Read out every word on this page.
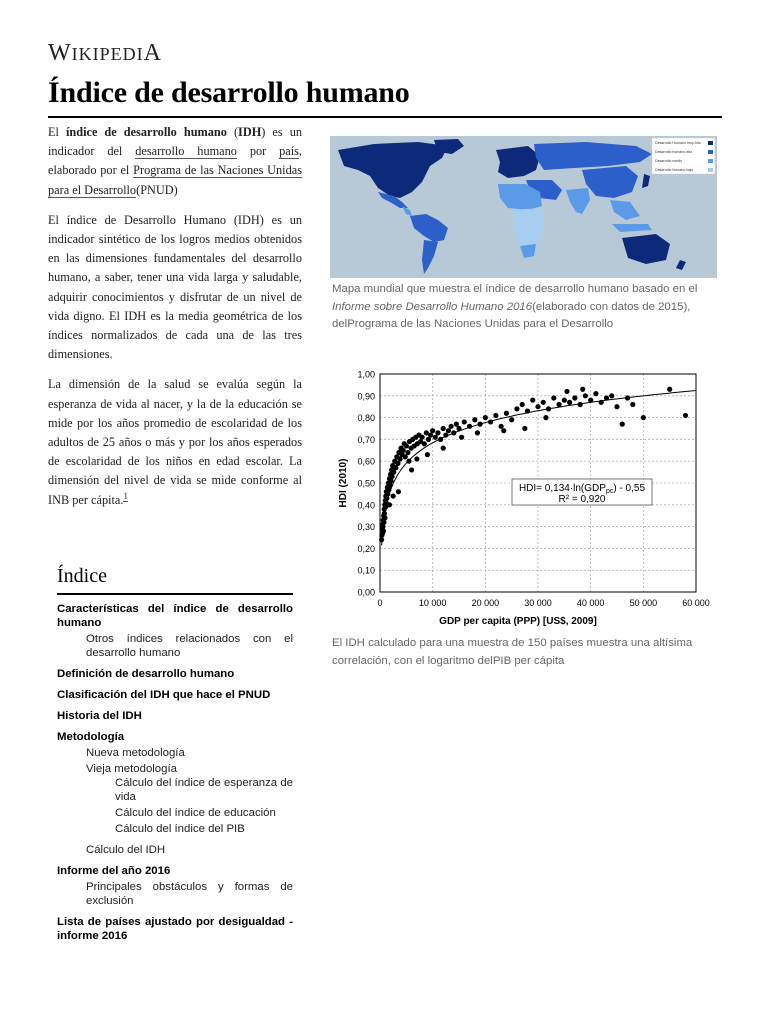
WIKIPEDIA
Índice de desarrollo humano

El índice de desarrollo humano (IDH) es un indicador del desarrollo humano por país, elaborado por el Programa de las Naciones Unidas para el Desarrollo(PNUD)

El índice de Desarrollo Humano (IDH) es un indicador sintético de los logros medios obtenidos en las dimensiones fundamentales del desarrollo humano, a saber, tener una vida larga y saludable, adquirir conocimientos y disfrutar de un nivel de vida digno. El IDH es la media geométrica de los índices normalizados de cada una de las tres dimensiones.

La dimensión de la salud se evalúa según la esperanza de vida al nacer, y la de la educación se mide por los años promedio de escolaridad de los adultos de 25 años o más y por los años esperados de escolaridad de los niños en edad escolar. La dimensión del nivel de vida se mide conforme al INB per cápita.$^1$

Desarrollo Humano muy Alto
Desarrollo humano alto
Desarrollo medio
Desarrollo humano bajo

Mapa mundial que muestra el índice de desarrollo humano basado en el Informe sobre Desarrollo Humano 2016(elaborado con datos de 2015), delPrograma de las Naciones Unidas para el Desarrollo

0,00
0,10
0,20
0,30
0,40
0,50
0,60
0,70
0,80
0,90
1,00
0	10 000	20 000	30 000	40 000	50 000	60 000
$HDI= 0,134\cdot\ln(GDP_{pc}) - 0,55$
R² = 0,920
GDP per capita (PPP) [US$, 2009]
HDI (2010)

El IDH calculado para una muestra de 150 países muestra una altísima correlación, con el logaritmo delPIB per cápita

Índice
Características del índice de desarrollo humano
Otros índices relacionados con el desarrollo humano
Definición de desarrollo humano
Clasificación del IDH que hace el PNUD
Historia del IDH
Metodología
Nueva metodología
Vieja metodología
Cálculo del índice de esperanza de vida
Cálculo del índice de educación
Cálculo del índice del PIB
Cálculo del IDH
Informe del año 2016
Principales obstáculos y formas de exclusión
Lista de países ajustado por desigualdad - informe 2016
